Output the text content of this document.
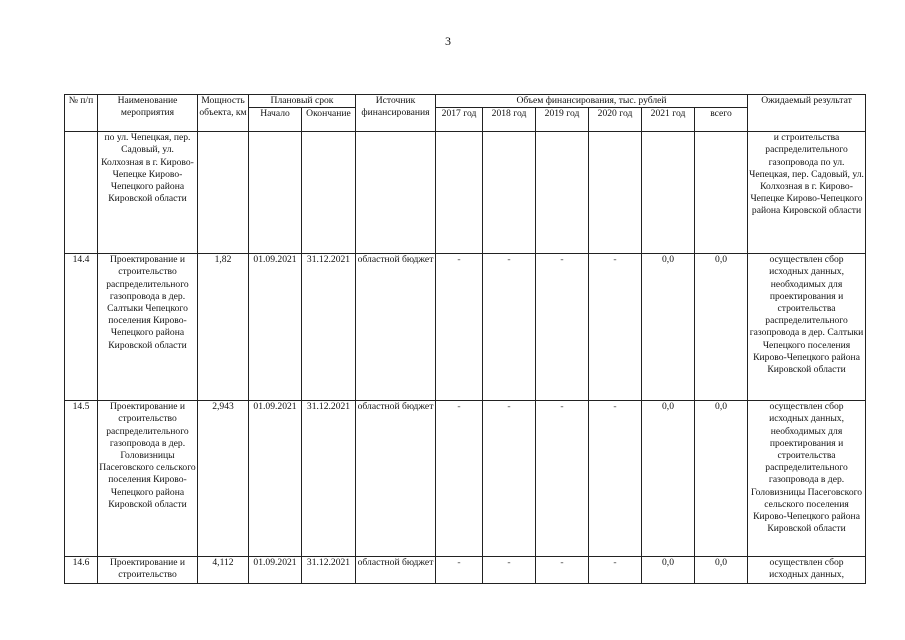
3
№ п/п	Наименование мероприятия	Мощность объекта, км	Плановый срок		Источник финансирования	Объем финансирования, тыс. рублей						Ожидаемый результат
			Начало	Окончание		2017 год	2018 год	2019 год	2020 год	2021 год	всего	
	по ул. Чепецкая, пер. Садовый, ул. Колхозная в г. Кирово-Чепецке Кирово-Чепецкого района Кировской области											и строительства распределительного газопровода по ул. Чепецкая, пер. Садовый, ул. Колхозная в г. Кирово-Чепецке Кирово-Чепецкого района Кировской области
14.4	Проектирование и строительство распределительного газопровода в дер. Салтыки Чепецкого поселения Кирово-Чепецкого района Кировской области	1,82	01.09.2021	31.12.2021	областной бюджет	-	-	-	-	0,0	0,0	осуществлен сбор исходных данных, необходимых для проектирования и строительства распределительного газопровода в дер. Салтыки Чепецкого поселения Кирово-Чепецкого района Кировской области
14.5	Проектирование и строительство распределительного газопровода в дер. Головизницы Пасеговского сельского поселения Кирово-Чепецкого района Кировской области	2,943	01.09.2021	31.12.2021	областной бюджет	-	-	-	-	0,0	0,0	осуществлен сбор исходных данных, необходимых для проектирования и строительства распределительного газопровода в дер. Головизницы Пасеговского сельского поселения Кирово-Чепецкого района Кировской области
14.6	Проектирование и строительство	4,112	01.09.2021	31.12.2021	областной бюджет	-	-	-	-	0,0	0,0	осуществлен сбор исходных данных,
